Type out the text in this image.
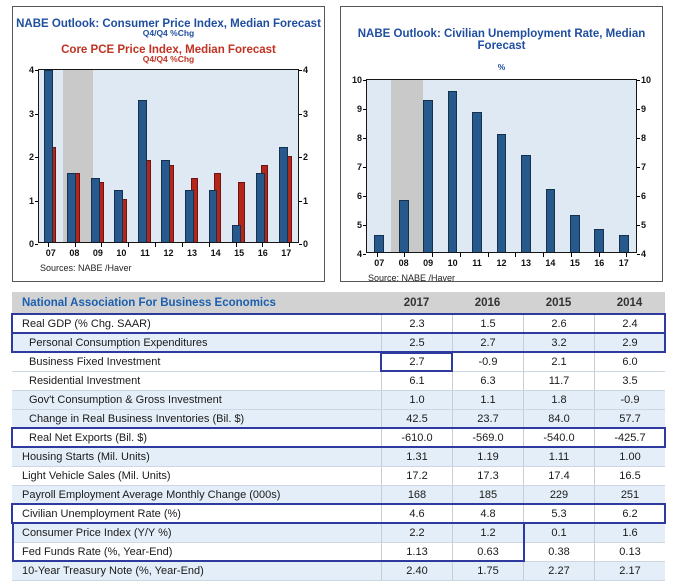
NABE Outlook: Consumer Price Index, Median Forecast
Q4/Q4 %Chg
Core PCE Price Index, Median Forecast
Q4/Q4 %Chg
0
1
2
3
4
0
1
2
3
4
07	08	09	10	11	12	13	14	15	16	17
Sources: NABE /Haver
NABE Outlook: Civilian Unemployment Rate, Median Forecast
%
4
5
6
7
8
9
10
4
5
6
7
8
9
10
07	08	09	10	11	12	13	14	15	16	17
Source: NABE /Haver
National Association For Business Economics	2017	2016	2015	2014
Real GDP (% Chg. SAAR)	2.3	1.5	2.6	2.4
Personal Consumption Expenditures	2.5	2.7	3.2	2.9
Business Fixed Investment	2.7	-0.9	2.1	6.0
Residential Investment	6.1	6.3	11.7	3.5
Gov't Consumption & Gross Investment	1.0	1.1	1.8	-0.9
Change in Real Business Inventories (Bil. $)	42.5	23.7	84.0	57.7
Real Net Exports (Bil. $)	-610.0	-569.0	-540.0	-425.7
Housing Starts (Mil. Units)	1.31	1.19	1.11	1.00
Light Vehicle Sales (Mil. Units)	17.2	17.3	17.4	16.5
Payroll Employment Average Monthly Change (000s)	168	185	229	251
Civilian Unemployment Rate (%)	4.6	4.8	5.3	6.2
Consumer Price Index (Y/Y %)	2.2	1.2	0.1	1.6
Fed Funds Rate (%, Year-End)	1.13	0.63	0.38	0.13
10-Year Treasury Note (%, Year-End)	2.40	1.75	2.27	2.17
